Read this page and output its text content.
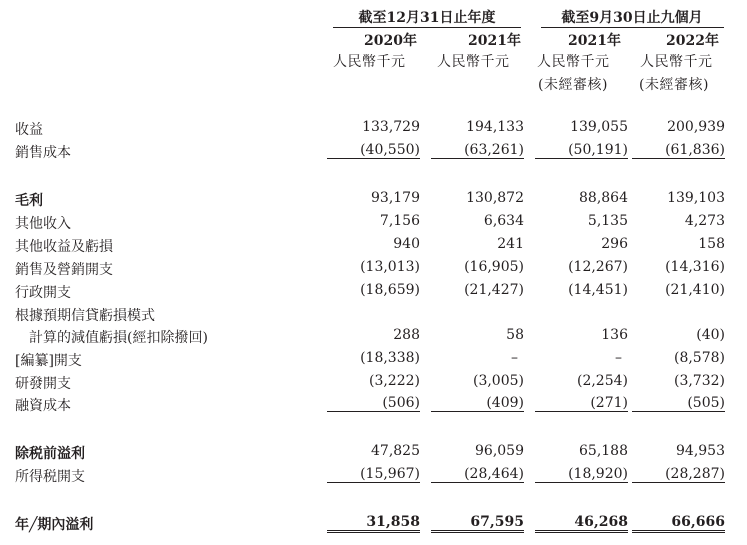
截至12月31日止年度	截至9月30日止九個月
2020年	2021年	2021年	2022年
人民幣千元 人民幣千元 人民幣千元 人民幣千元
(未經審核) (未經審核)
收益	133,729	194,133	139,055	200,939
銷售成本	(40,550)	(63,261)	(50,191)	(61,836)
毛利	93,179	130,872	88,864	139,103
其他收入	7,156	6,634	5,135	4,273
其他收益及虧損	940	241	296	158
銷售及營銷開支	(13,013)	(16,905)	(12,267)	(14,316)
行政開支	(18,659)	(21,427)	(14,451)	(21,410)
根據預期信貸虧損模式
　計算的減值虧損(經扣除撥回)	288	58	136	(40)
[編纂]開支	(18,338)	–	–	(8,578)
研發開支	(3,222)	(3,005)	(2,254)	(3,732)
融資成本	(506)	(409)	(271)	(505)
除税前溢利	47,825	96,059	65,188	94,953
所得税開支	(15,967)	(28,464)	(18,920)	(28,287)
年╱期內溢利	31,858	67,595	46,268	66,666
